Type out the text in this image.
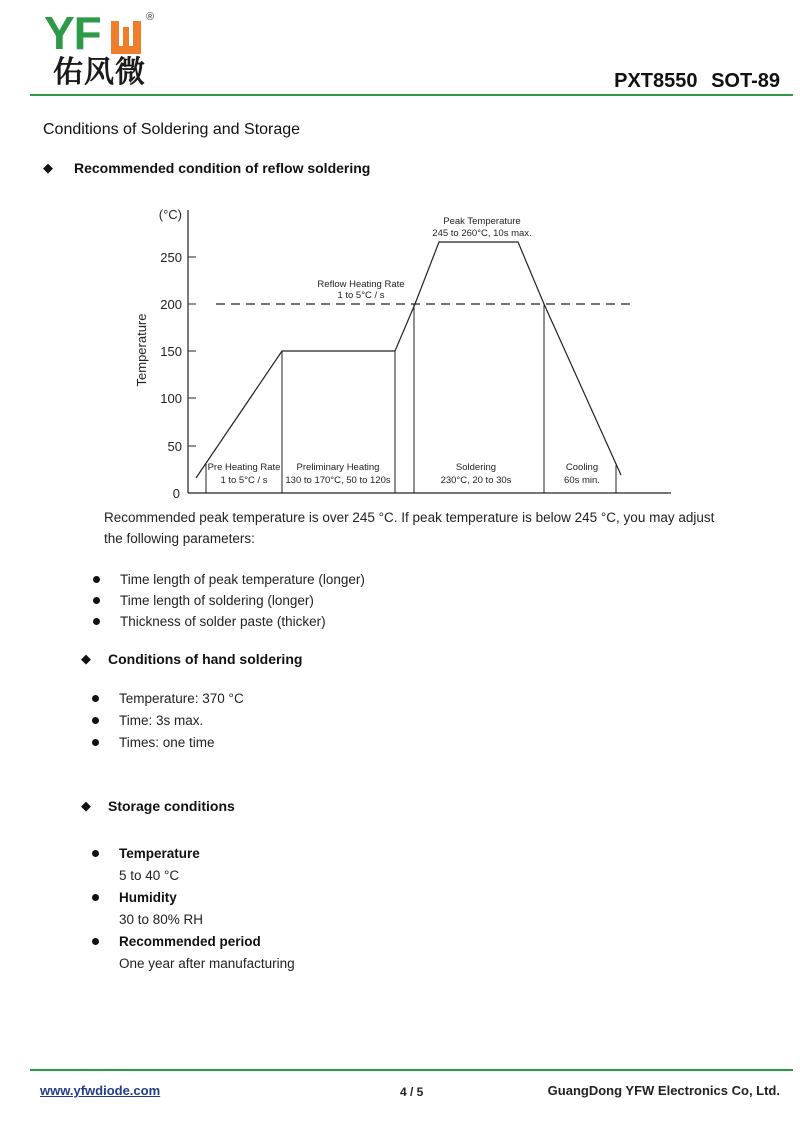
YF	®
佑风微	PXT8550 SOT-89
Conditions of Soldering and Storage
◆ Recommended condition of reflow soldering
(°C)
250
200
150
100
50
0
Temperature
Peak Temperature
245 to 260°C, 10s max.
Reflow Heating Rate
1 to 5°C / s
Pre Heating Rate
1 to 5°C / s
Preliminary Heating
130 to 170°C, 50 to 120s
Soldering
230°C, 20 to 30s
Cooling
60s min.
Recommended peak temperature is over 245 °C. If peak temperature is below 245 °C, you may adjust
the following parameters:
Time length of peak temperature (longer)
Time length of soldering (longer)
Thickness of solder paste (thicker)
◆ Conditions of hand soldering
Temperature: 370 °C
Time: 3s max.
Times: one time
◆ Storage conditions
Temperature
5 to 40 °C
Humidity
30 to 80% RH
Recommended period
One year after manufacturing
www.yfwdiode.com	4 / 5	GuangDong YFW Electronics Co, Ltd.
